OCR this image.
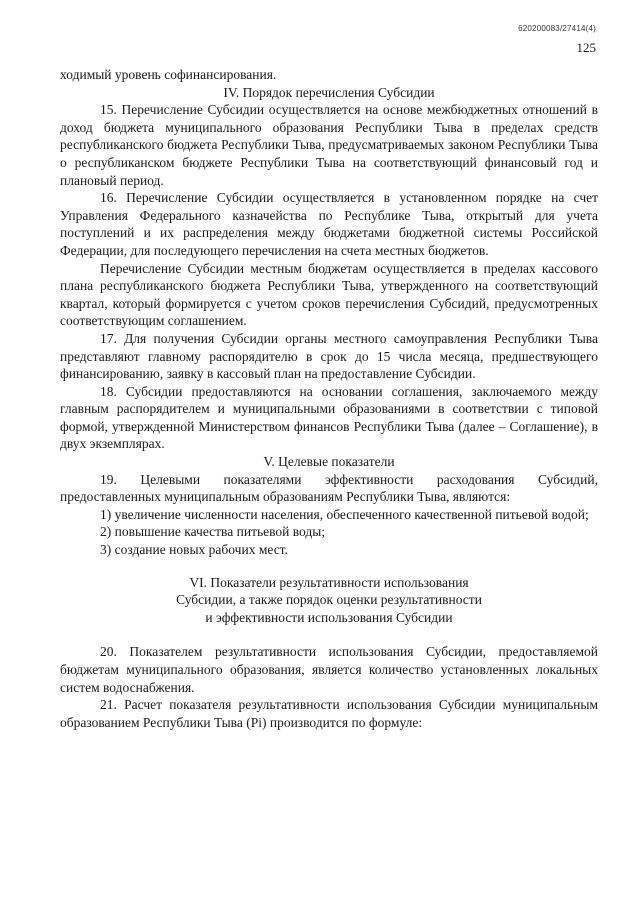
620200083/27414(4)
125

ходимый уровень софинансирования.

IV. Порядок перечисления Субсидии

15. Перечисление Субсидии осуществляется на основе межбюджетных отношений в доход бюджета муниципального образования Республики Тыва в пределах средств республиканского бюджета Республики Тыва, предусматриваемых законом Республики Тыва о республиканском бюджете Республики Тыва на соответствующий финансовый год и плановый период.

16. Перечисление Субсидии осуществляется в установленном порядке на счет Управления Федерального казначейства по Республике Тыва, открытый для учета поступлений и их распределения между бюджетами бюджетной системы Российской Федерации, для последующего перечисления на счета местных бюджетов.

Перечисление Субсидии местным бюджетам осуществляется в пределах кассового плана республиканского бюджета Республики Тыва, утвержденного на соответствующий квартал, который формируется с учетом сроков перечисления Субсидий, предусмотренных соответствующим соглашением.

17. Для получения Субсидии органы местного самоуправления Республики Тыва представляют главному распорядителю в срок до 15 числа месяца, предшествующего финансированию, заявку в кассовый план на предоставление Субсидии.

18. Субсидии предоставляются на основании соглашения, заключаемого между главным распорядителем и муниципальными образованиями в соответствии с типовой формой, утвержденной Министерством финансов Республики Тыва (далее – Соглашение), в двух экземплярах.

V. Целевые показатели

19. Целевыми показателями эффективности расходования Субсидий, предоставленных муниципальным образованиям Республики Тыва, являются:

1) увеличение численности населения, обеспеченного качественной питьевой водой;

2) повышение качества питьевой воды;

3) создание новых рабочих мест.

VI. Показатели результативности использования
Субсидии, а также порядок оценки результативности
и эффективности использования Субсидии

20. Показателем результативности использования Субсидии, предоставляемой бюджетам муниципального образования, является количество установленных локальных систем водоснабжения.

21. Расчет показателя результативности использования Субсидии муниципальным образованием Республики Тыва (Pi) производится по формуле:
